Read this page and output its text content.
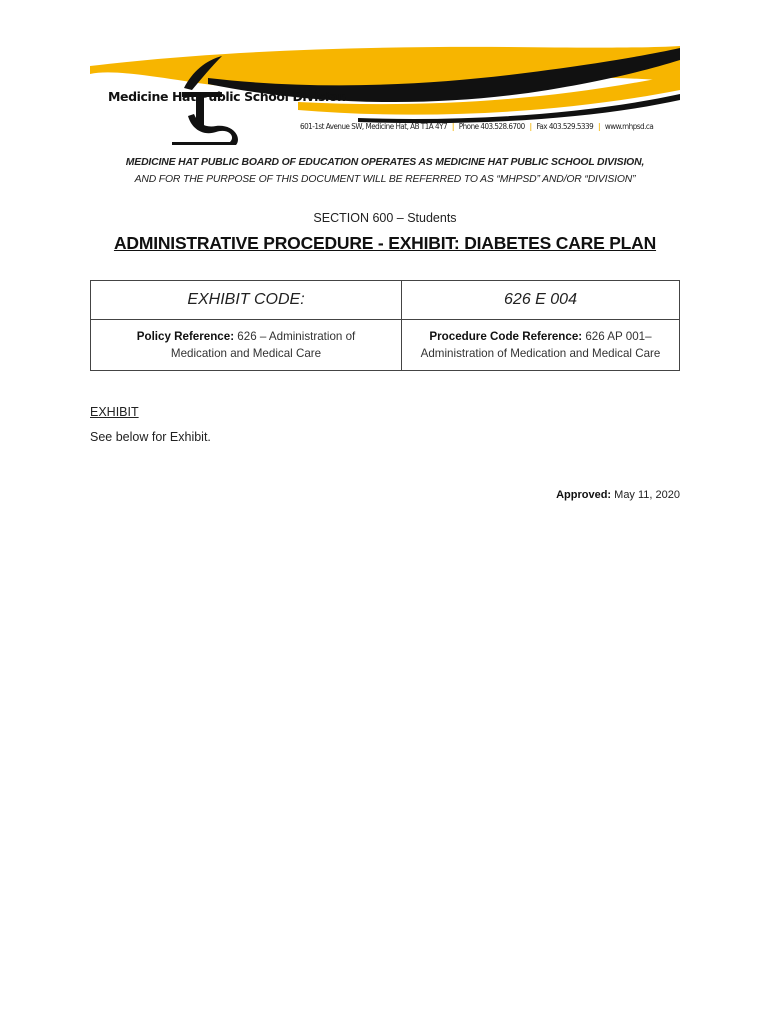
Medicine Hat Public School Division
601-1st Avenue SW, Medicine Hat, AB T1A 4Y7 | Phone 403.528.6700 | Fax 403.529.5339 | www.mhpsd.ca
MEDICINE HAT PUBLIC BOARD OF EDUCATION OPERATES AS MEDICINE HAT PUBLIC SCHOOL DIVISION,
AND FOR THE PURPOSE OF THIS DOCUMENT WILL BE REFERRED TO AS “MHPSD” AND/OR “DIVISION”
SECTION 600 – Students
ADMINISTRATIVE PROCEDURE - EXHIBIT: DIABETES CARE PLAN
EXHIBIT CODE:	626 E 004
Policy Reference: 626 – Administration of
Medication and Medical Care	Procedure Code Reference: 626 AP 001–
Administration of Medication and Medical Care
EXHIBIT
See below for Exhibit.
Approved: May 11, 2020
